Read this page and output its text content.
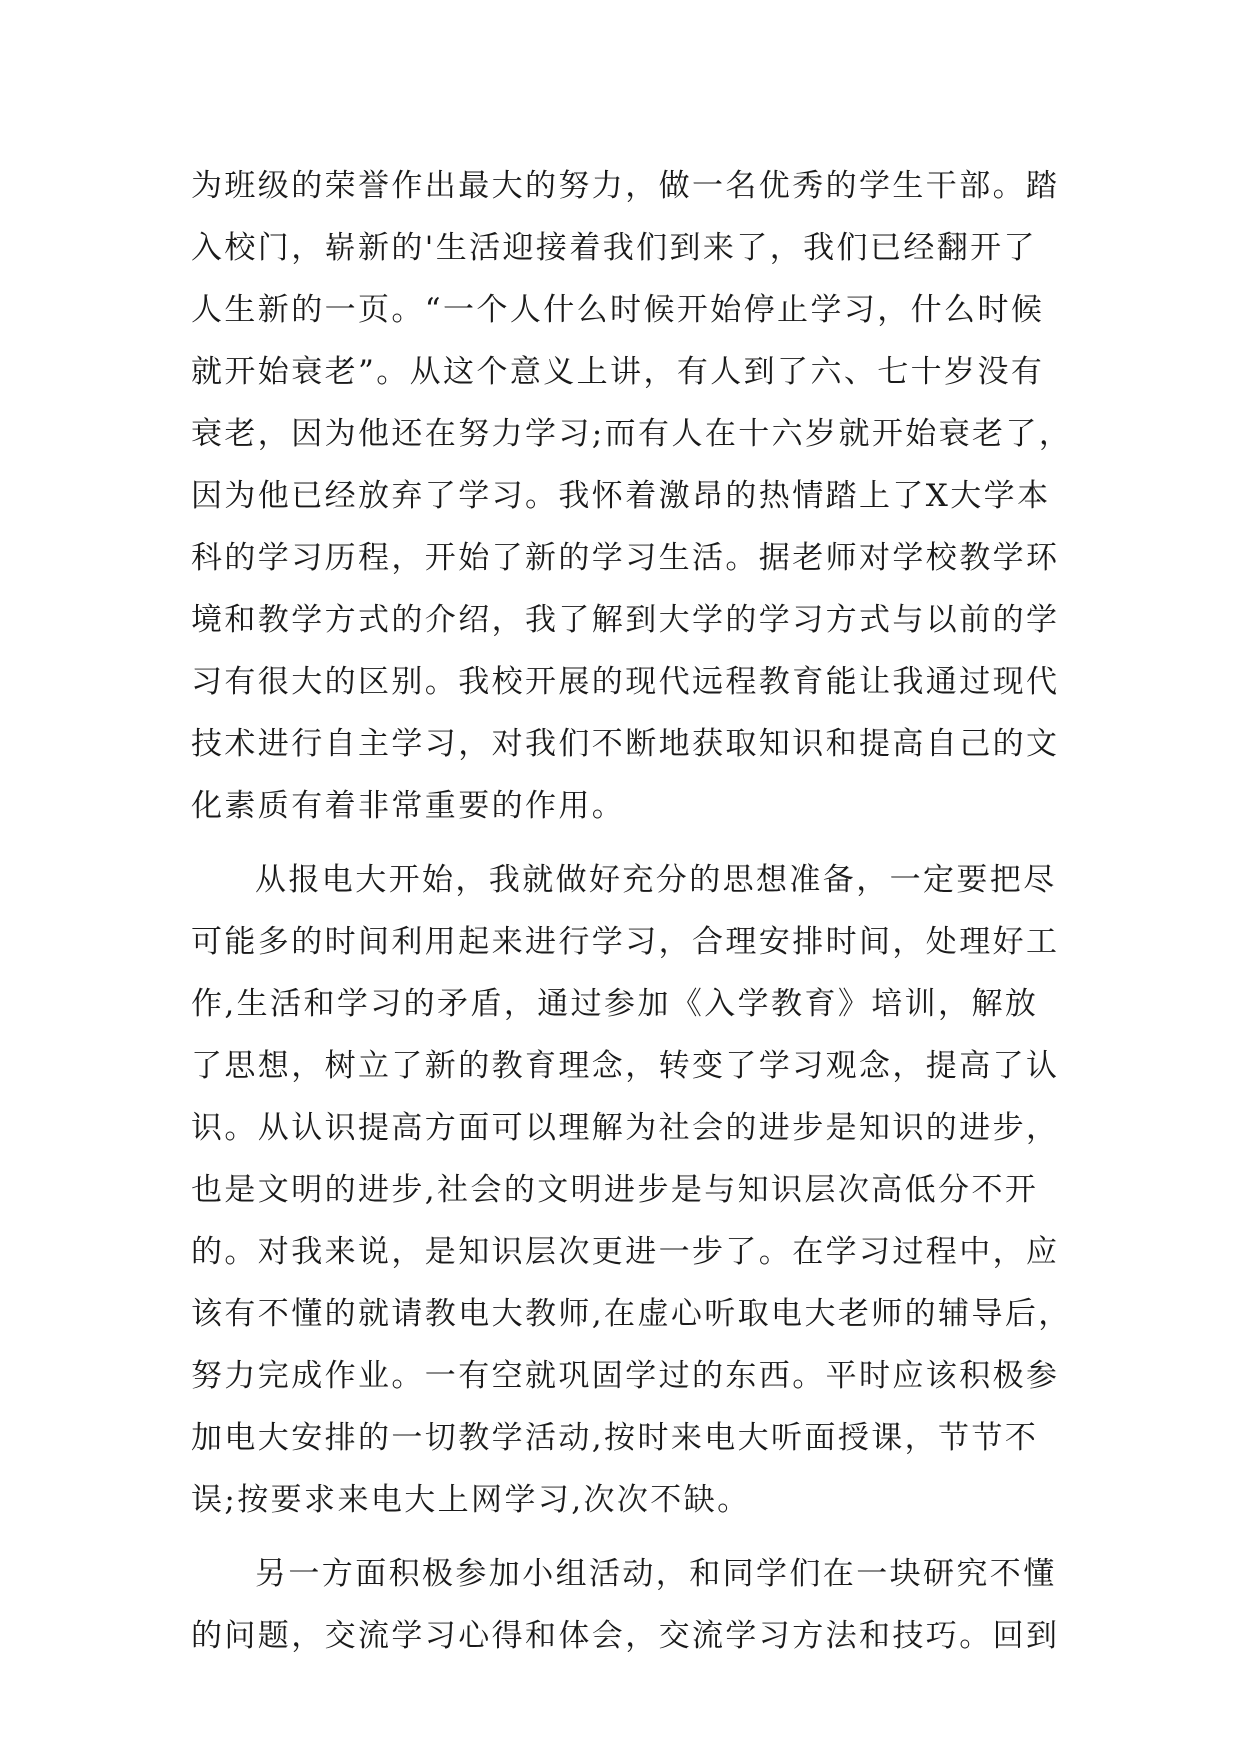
为班级的荣誉作出最大的努力，做一名优秀的学生干部。踏
入校门，崭新的'生活迎接着我们到来了，我们已经翻开了
人生新的一页。“一个人什么时候开始停止学习，什么时候
就开始衰老”。从这个意义上讲，有人到了六、七十岁没有
衰老，因为他还在努力学习;而有人在十六岁就开始衰老了，
因为他已经放弃了学习。我怀着激昂的热情踏上了X大学本
科的学习历程，开始了新的学习生活。据老师对学校教学环
境和教学方式的介绍，我了解到大学的学习方式与以前的学
习有很大的区别。我校开展的现代远程教育能让我通过现代
技术进行自主学习，对我们不断地获取知识和提高自己的文
化素质有着非常重要的作用。
从报电大开始，我就做好充分的思想准备，一定要把尽
可能多的时间利用起来进行学习，合理安排时间，处理好工
作,生活和学习的矛盾，通过参加《入学教育》培训，解放
了思想，树立了新的教育理念，转变了学习观念，提高了认
识。从认识提高方面可以理解为社会的进步是知识的进步，
也是文明的进步,社会的文明进步是与知识层次高低分不开
的。对我来说，是知识层次更进一步了。在学习过程中，应
该有不懂的就请教电大教师,在虚心听取电大老师的辅导后，
努力完成作业。一有空就巩固学过的东西。平时应该积极参
加电大安排的一切教学活动,按时来电大听面授课，节节不
误;按要求来电大上网学习,次次不缺。
另一方面积极参加小组活动，和同学们在一块研究不懂
的问题，交流学习心得和体会，交流学习方法和技巧。回到
